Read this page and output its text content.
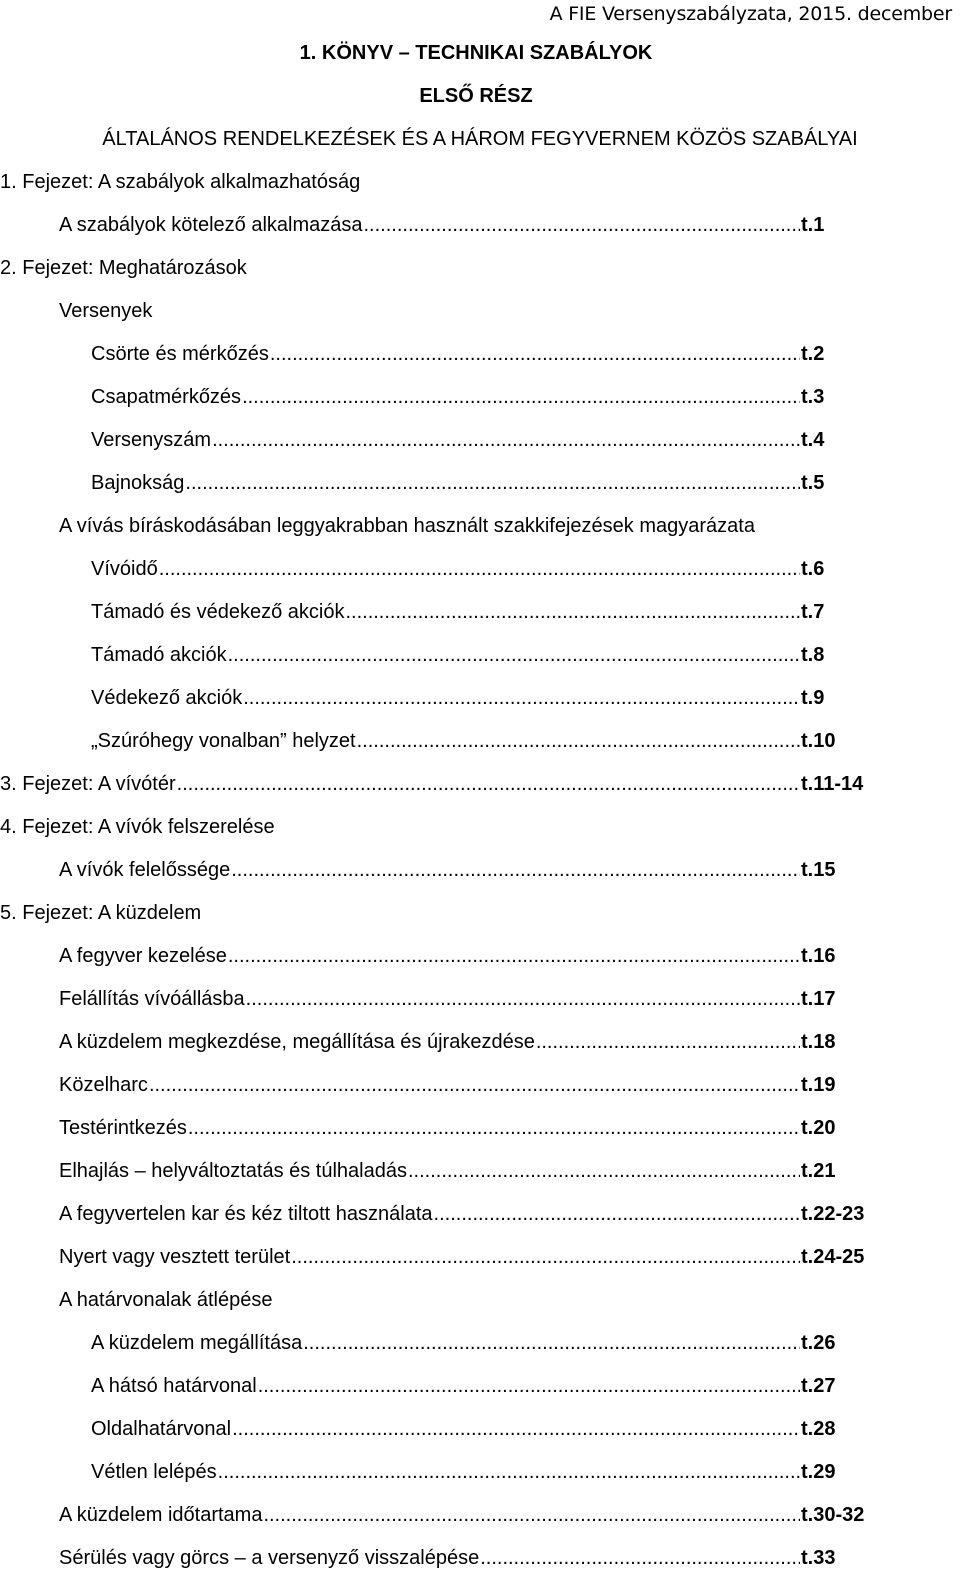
A FIE Versenyszabályzata, 2015. december
1. KÖNYV – TECHNIKAI SZABÁLYOK
ELSŐ RÉSZ
ÁLTALÁNOS RENDELKEZÉSEK ÉS A HÁROM FEGYVERNEM KÖZÖS SZABÁLYAI
1. Fejezet: A szabályok alkalmazhatóság
A szabályok kötelező alkalmazása .....	t.1
2. Fejezet: Meghatározások
Versenyek
Csörte és mérkőzés .....	t.2
Csapatmérkőzés .....	t.3
Versenyszám .....	t.4
Bajnokság .....	t.5
A vívás bíráskodásában leggyakrabban használt szakkifejezések magyarázata
Vívóidő .....	t.6
Támadó és védekező akciók .....	t.7
Támadó akciók .....	t.8
Védekező akciók .....	t.9
„Szúróhegy vonalban” helyzet .....	t.10
3. Fejezet: A vívótér .....	t.11-14
4. Fejezet: A vívók felszerelése
A vívók felelőssége .....	t.15
5. Fejezet: A küzdelem
A fegyver kezelése .....	t.16
Felállítás vívóállásba .....	t.17
A küzdelem megkezdése, megállítása és újrakezdése .....	t.18
Közelharc .....	t.19
Testérintkezés .....	t.20
Elhajlás – helyváltoztatás és túlhaladás .....	t.21
A fegyvertelen kar és kéz tiltott használata .....	t.22-23
Nyert vagy vesztett terület .....	t.24-25
A határvonalak átlépése
A küzdelem megállítása .....	t.26
A hátsó határvonal .....	t.27
Oldalhatárvonal .....	t.28
Vétlen lelépés .....	t.29
A küzdelem időtartama .....	t.30-32
Sérülés vagy görcs – a versenyző visszalépése .....	t.33
